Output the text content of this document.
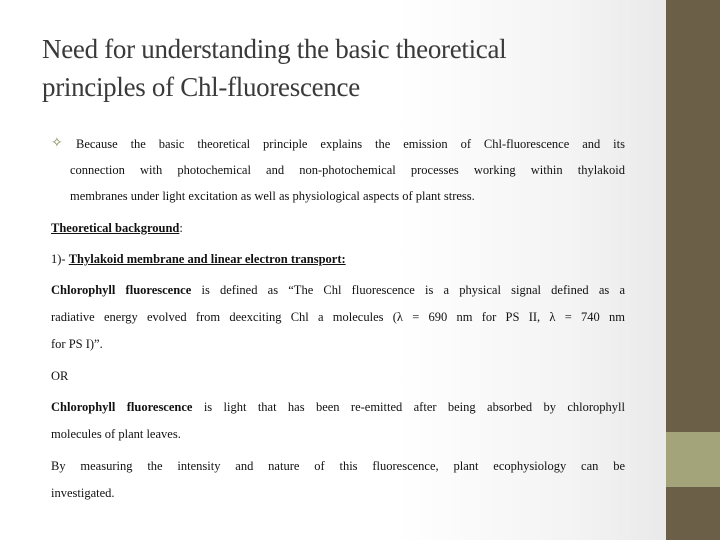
Need for understanding the basic theoretical
principles of Chl-fluorescence
✧ Because the basic theoretical principle explains the emission of Chl-fluorescence and its
connection with photochemical and non-photochemical processes working within thylakoid
membranes under light excitation as well as physiological aspects of plant stress.

Theoretical background:

1)- Thylakoid membrane and linear electron transport:

Chlorophyll fluorescence is defined as “The Chl fluorescence is a physical signal defined as a
radiative energy evolved from deexciting Chl a molecules (λ = 690 nm for PS II, λ = 740 nm
for PS I)”.

OR

Chlorophyll fluorescence is light that has been re-emitted after being absorbed by chlorophyll
molecules of plant leaves.

By measuring the intensity and nature of this fluorescence, plant ecophysiology can be
investigated.
